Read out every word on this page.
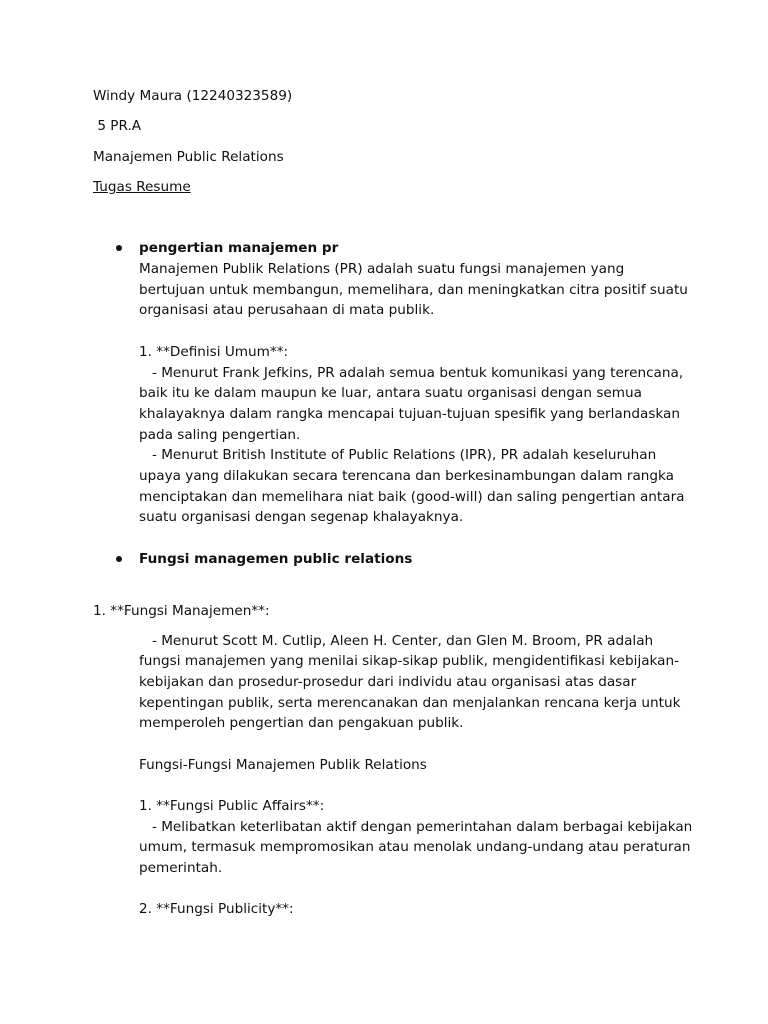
Windy Maura (12240323589)
5 PR.A
Manajemen Public Relations
Tugas Resume
pengertian manajemen pr
Manajemen Publik Relations (PR) adalah suatu fungsi manajemen yang
bertujuan untuk membangun, memelihara, dan meningkatkan citra positif suatu
organisasi atau perusahaan di mata publik.
1. **Definisi Umum**:
- Menurut Frank Jefkins, PR adalah semua bentuk komunikasi yang terencana,
baik itu ke dalam maupun ke luar, antara suatu organisasi dengan semua
khalayaknya dalam rangka mencapai tujuan-tujuan spesifik yang berlandaskan
pada saling pengertian.
- Menurut British Institute of Public Relations (IPR), PR adalah keseluruhan
upaya yang dilakukan secara terencana dan berkesinambungan dalam rangka
menciptakan dan memelihara niat baik (good-will) dan saling pengertian antara
suatu organisasi dengan segenap khalayaknya.
Fungsi managemen public relations
1. **Fungsi Manajemen**:
- Menurut Scott M. Cutlip, Aleen H. Center, dan Glen M. Broom, PR adalah
fungsi manajemen yang menilai sikap-sikap publik, mengidentifikasi kebijakan-
kebijakan dan prosedur-prosedur dari individu atau organisasi atas dasar
kepentingan publik, serta merencanakan dan menjalankan rencana kerja untuk
memperoleh pengertian dan pengakuan publik.
Fungsi-Fungsi Manajemen Publik Relations
1. **Fungsi Public Affairs**:
- Melibatkan keterlibatan aktif dengan pemerintahan dalam berbagai kebijakan
umum, termasuk mempromosikan atau menolak undang-undang atau peraturan
pemerintah.
2. **Fungsi Publicity**:
